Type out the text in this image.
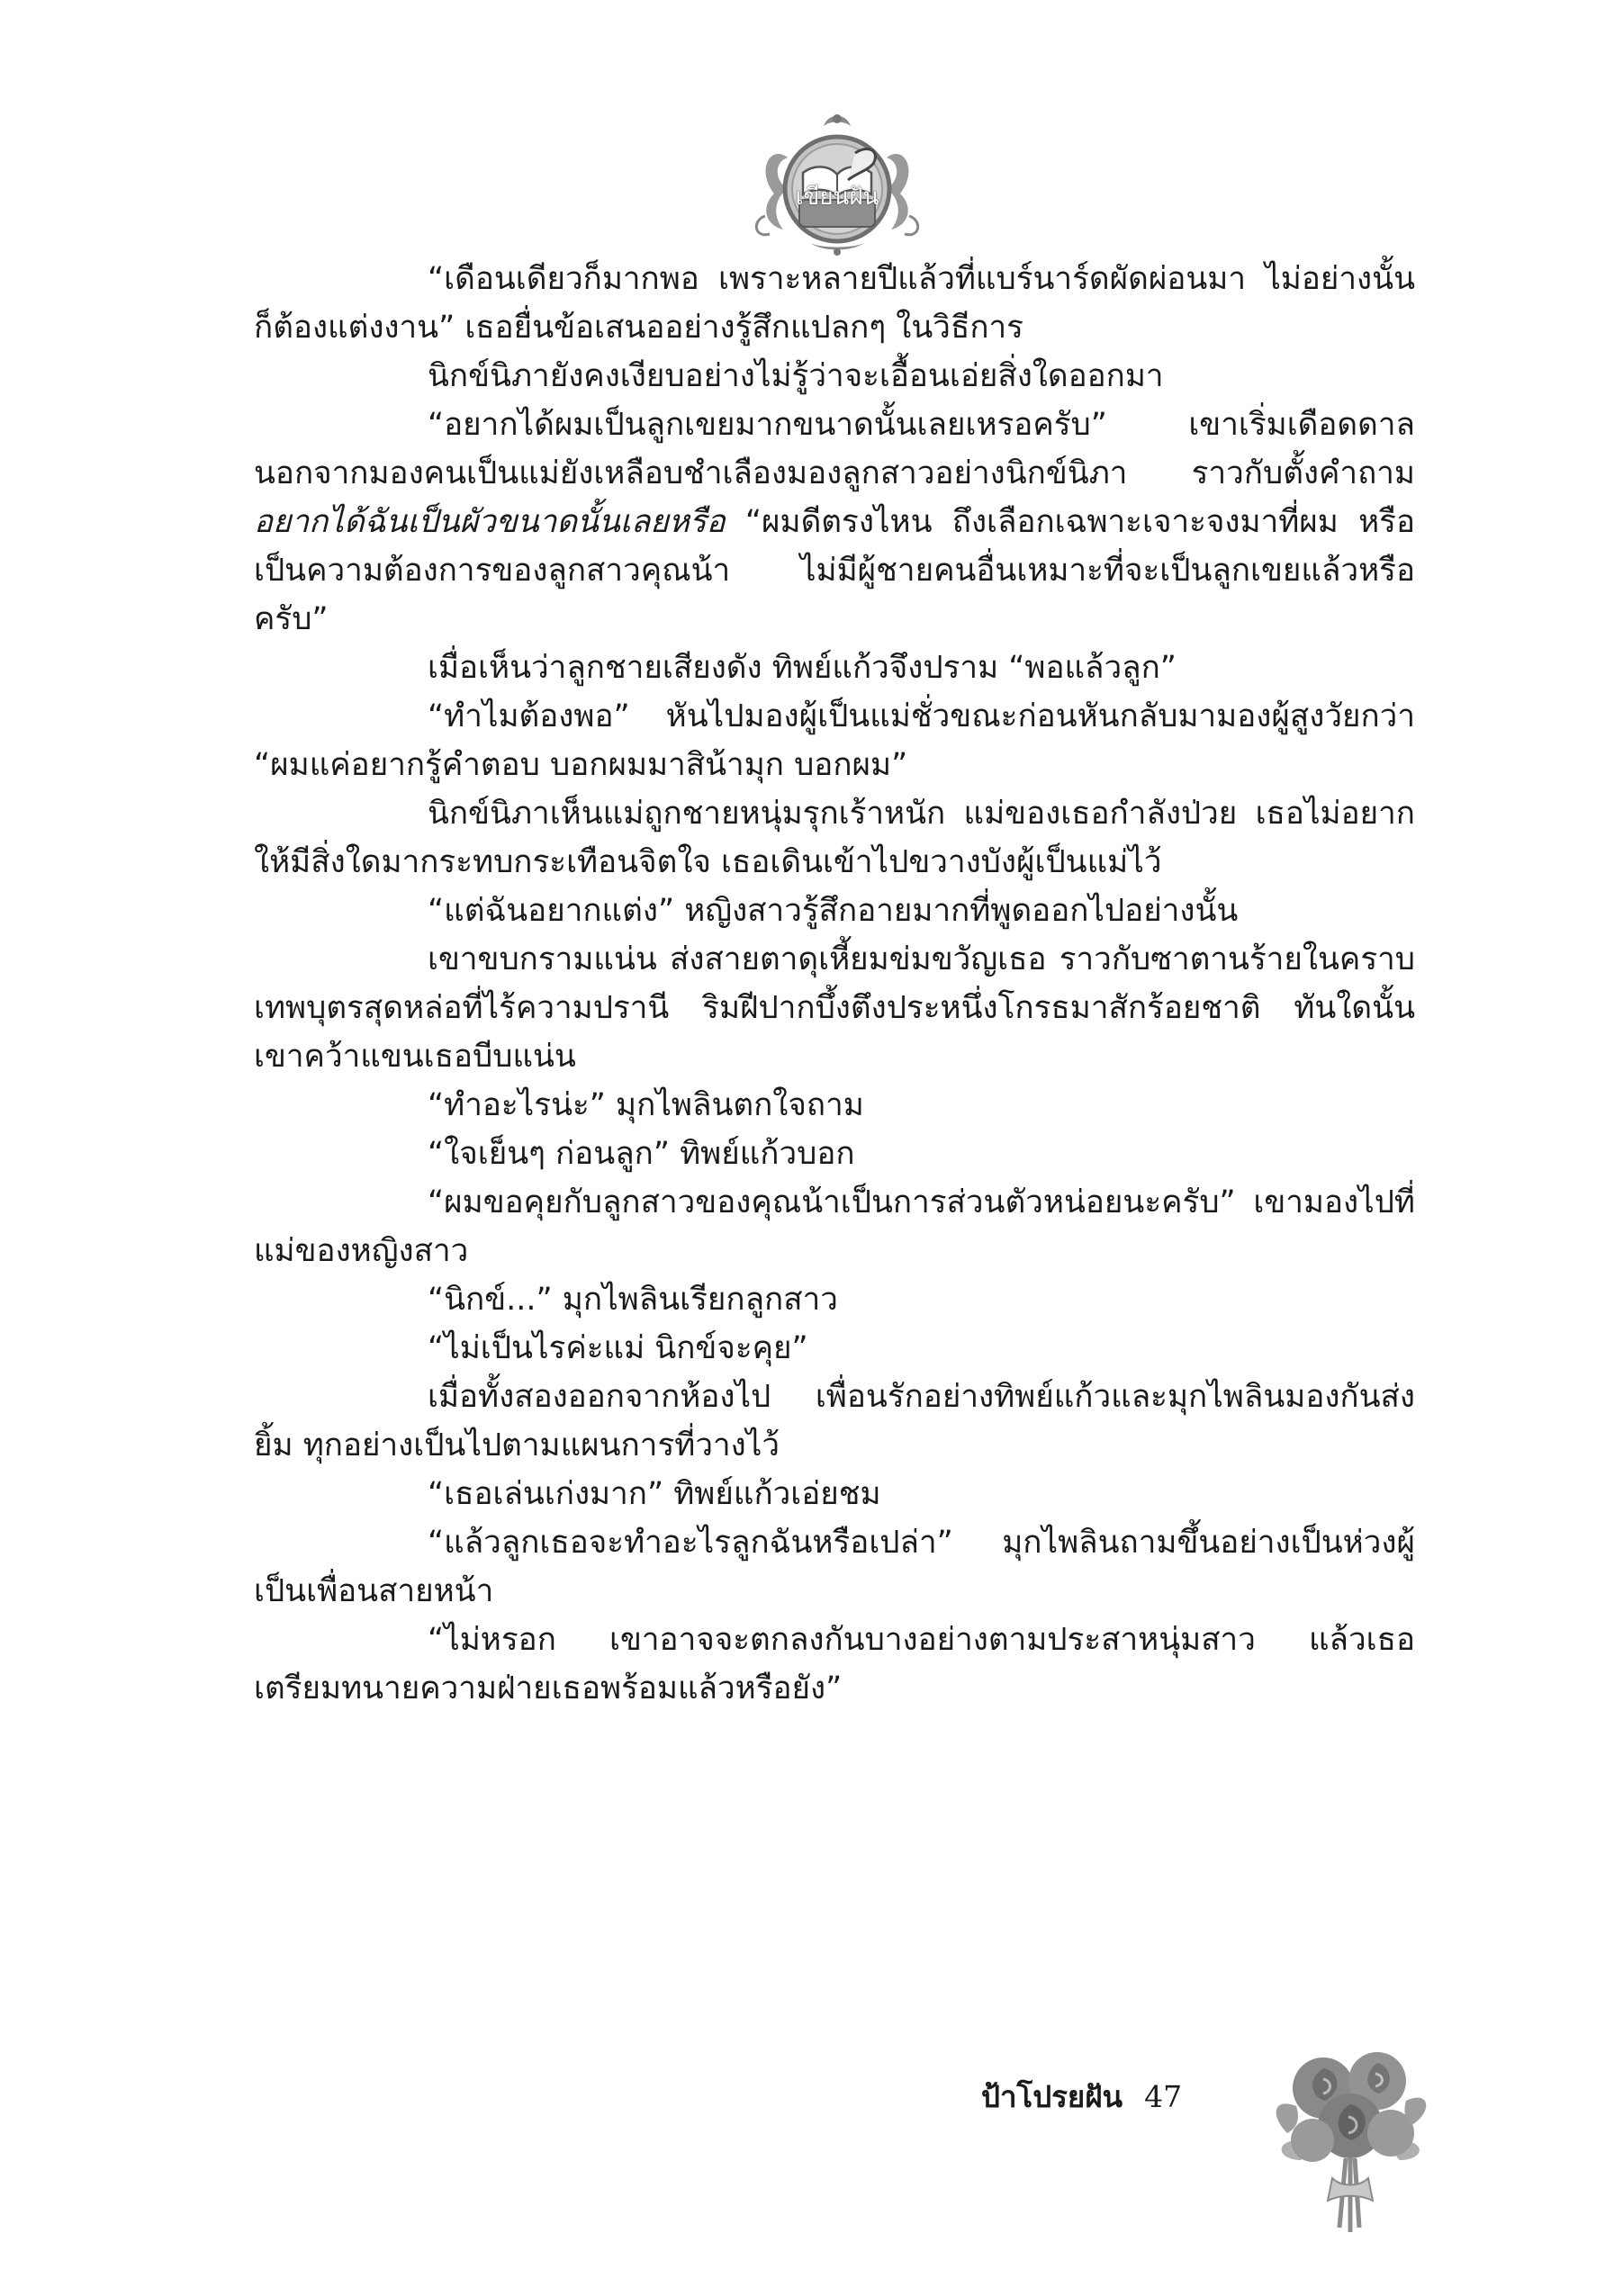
เขียนฝัน

“เดือนเดียวก็มากพอ เพราะหลายปีแล้วที่แบร์นาร์ดผัดผ่อนมา ไม่อย่างนั้นก็ต้องแต่งงาน” เธอยื่นข้อเสนออย่างรู้สึกแปลกๆ ในวิธีการ

นิกข์นิภายังคงเงียบอย่างไม่รู้ว่าจะเอื้อนเอ่ยสิ่งใดออกมา

“อยากได้ผมเป็นลูกเขยมากขนาดนั้นเลยเหรอครับ” เขาเริ่มเดือดดาล นอกจากมองคนเป็นแม่ยังเหลือบชำเลืองมองลูกสาวอย่างนิกข์นิภา ราวกับตั้งคำถาม อยากได้ฉันเป็นผัวขนาดนั้นเลยหรือ “ผมดีตรงไหน ถึงเลือกเฉพาะเจาะจงมาที่ผม หรือเป็นความต้องการของลูกสาวคุณน้า ไม่มีผู้ชายคนอื่นเหมาะที่จะเป็นลูกเขยแล้วหรือครับ”

เมื่อเห็นว่าลูกชายเสียงดัง ทิพย์แก้วจึงปราม “พอแล้วลูก”

“ทำไมต้องพอ” หันไปมองผู้เป็นแม่ชั่วขณะก่อนหันกลับมามองผู้สูงวัยกว่า “ผมแค่อยากรู้คำตอบ บอกผมมาสิน้ามุก บอกผม”

นิกข์นิภาเห็นแม่ถูกชายหนุ่มรุกเร้าหนัก แม่ของเธอกำลังป่วย เธอไม่อยากให้มีสิ่งใดมากระทบกระเทือนจิตใจ เธอเดินเข้าไปขวางบังผู้เป็นแม่ไว้

“แต่ฉันอยากแต่ง” หญิงสาวรู้สึกอายมากที่พูดออกไปอย่างนั้น

เขาขบกรามแน่น ส่งสายตาดุเหี้ยมข่มขวัญเธอ ราวกับซาตานร้ายในคราบเทพบุตรสุดหล่อที่ไร้ความปรานี ริมฝีปากบึ้งตึงประหนึ่งโกรธมาสักร้อยชาติ ทันใดนั้นเขาคว้าแขนเธอบีบแน่น

“ทำอะไรน่ะ” มุกไพลินตกใจถาม

“ใจเย็นๆ ก่อนลูก” ทิพย์แก้วบอก

“ผมขอคุยกับลูกสาวของคุณน้าเป็นการส่วนตัวหน่อยนะครับ” เขามองไปที่แม่ของหญิงสาว

“นิกข์...” มุกไพลินเรียกลูกสาว

“ไม่เป็นไรค่ะแม่ นิกข์จะคุย”

เมื่อทั้งสองออกจากห้องไป เพื่อนรักอย่างทิพย์แก้วและมุกไพลินมองกันส่งยิ้ม ทุกอย่างเป็นไปตามแผนการที่วางไว้

“เธอเล่นเก่งมาก” ทิพย์แก้วเอ่ยชม

“แล้วลูกเธอจะทำอะไรลูกฉันหรือเปล่า” มุกไพลินถามขึ้นอย่างเป็นห่วงผู้เป็นเพื่อนสายหน้า

“ไม่หรอก เขาอาจจะตกลงกันบางอย่างตามประสาหนุ่มสาว แล้วเธอเตรียมทนายความฝ่ายเธอพร้อมแล้วหรือยัง”

ป้าโปรยฝัน 47
